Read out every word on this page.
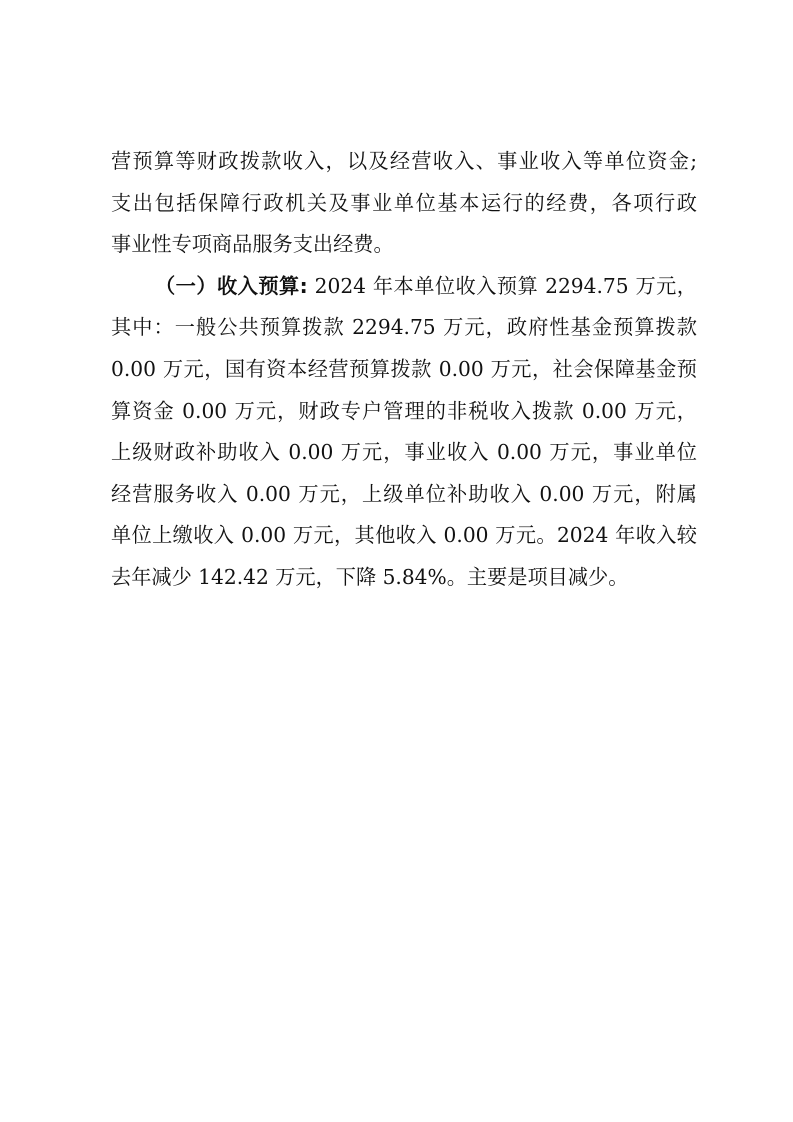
营预算等财政拨款收入，以及经营收入、事业收入等单位资金;
支出包括保障行政机关及事业单位基本运行的经费，各项行政
事业性专项商品服务支出经费。
（一）收入预算: 2024 年本单位收入预算 2294.75 万元，
其中：一般公共预算拨款 2294.75 万元，政府性基金预算拨款
0.00 万元，国有资本经营预算拨款 0.00 万元，社会保障基金预
算资金 0.00 万元，财政专户管理的非税收入拨款 0.00 万元，
上级财政补助收入 0.00 万元，事业收入 0.00 万元，事业单位
经营服务收入 0.00 万元，上级单位补助收入 0.00 万元，附属
单位上缴收入 0.00 万元，其他收入 0.00 万元。2024 年收入较
去年减少 142.42 万元，下降 5.84%。主要是项目减少。
